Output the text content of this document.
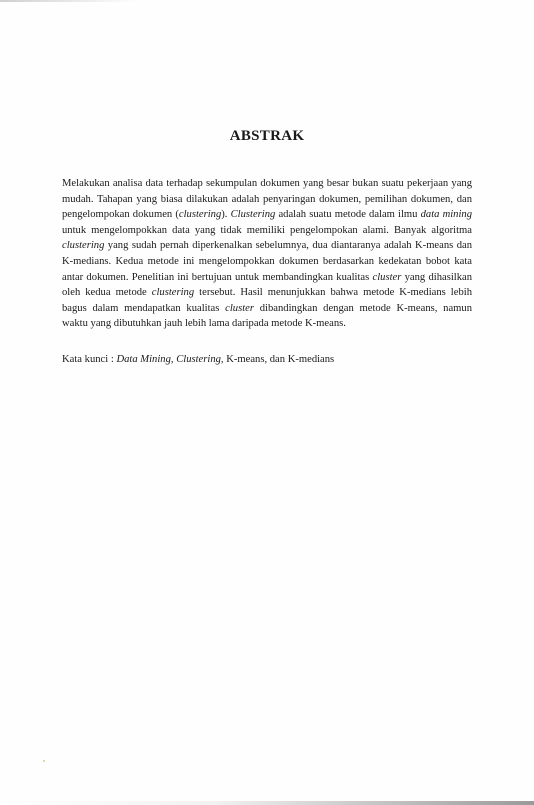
ABSTRAK

Melakukan analisa data terhadap sekumpulan dokumen yang besar bukan suatu pekerjaan yang mudah. Tahapan yang biasa dilakukan adalah penyaringan dokumen, pemilihan dokumen, dan pengelompokan dokumen (clustering). Clustering adalah suatu metode dalam ilmu data mining untuk mengelompokkan data yang tidak memiliki pengelompokan alami. Banyak algoritma clustering yang sudah pernah diperkenalkan sebelumnya, dua diantaranya adalah K-means dan K-medians. Kedua metode ini mengelompokkan dokumen berdasarkan kedekatan bobot kata antar dokumen. Penelitian ini bertujuan untuk membandingkan kualitas cluster yang dihasilkan oleh kedua metode clustering tersebut. Hasil menunjukkan bahwa metode K-medians lebih bagus dalam mendapatkan kualitas cluster dibandingkan dengan metode K-means, namun waktu yang dibutuhkan jauh lebih lama daripada metode K-means.

Kata kunci : Data Mining, Clustering, K-means, dan K-medians
